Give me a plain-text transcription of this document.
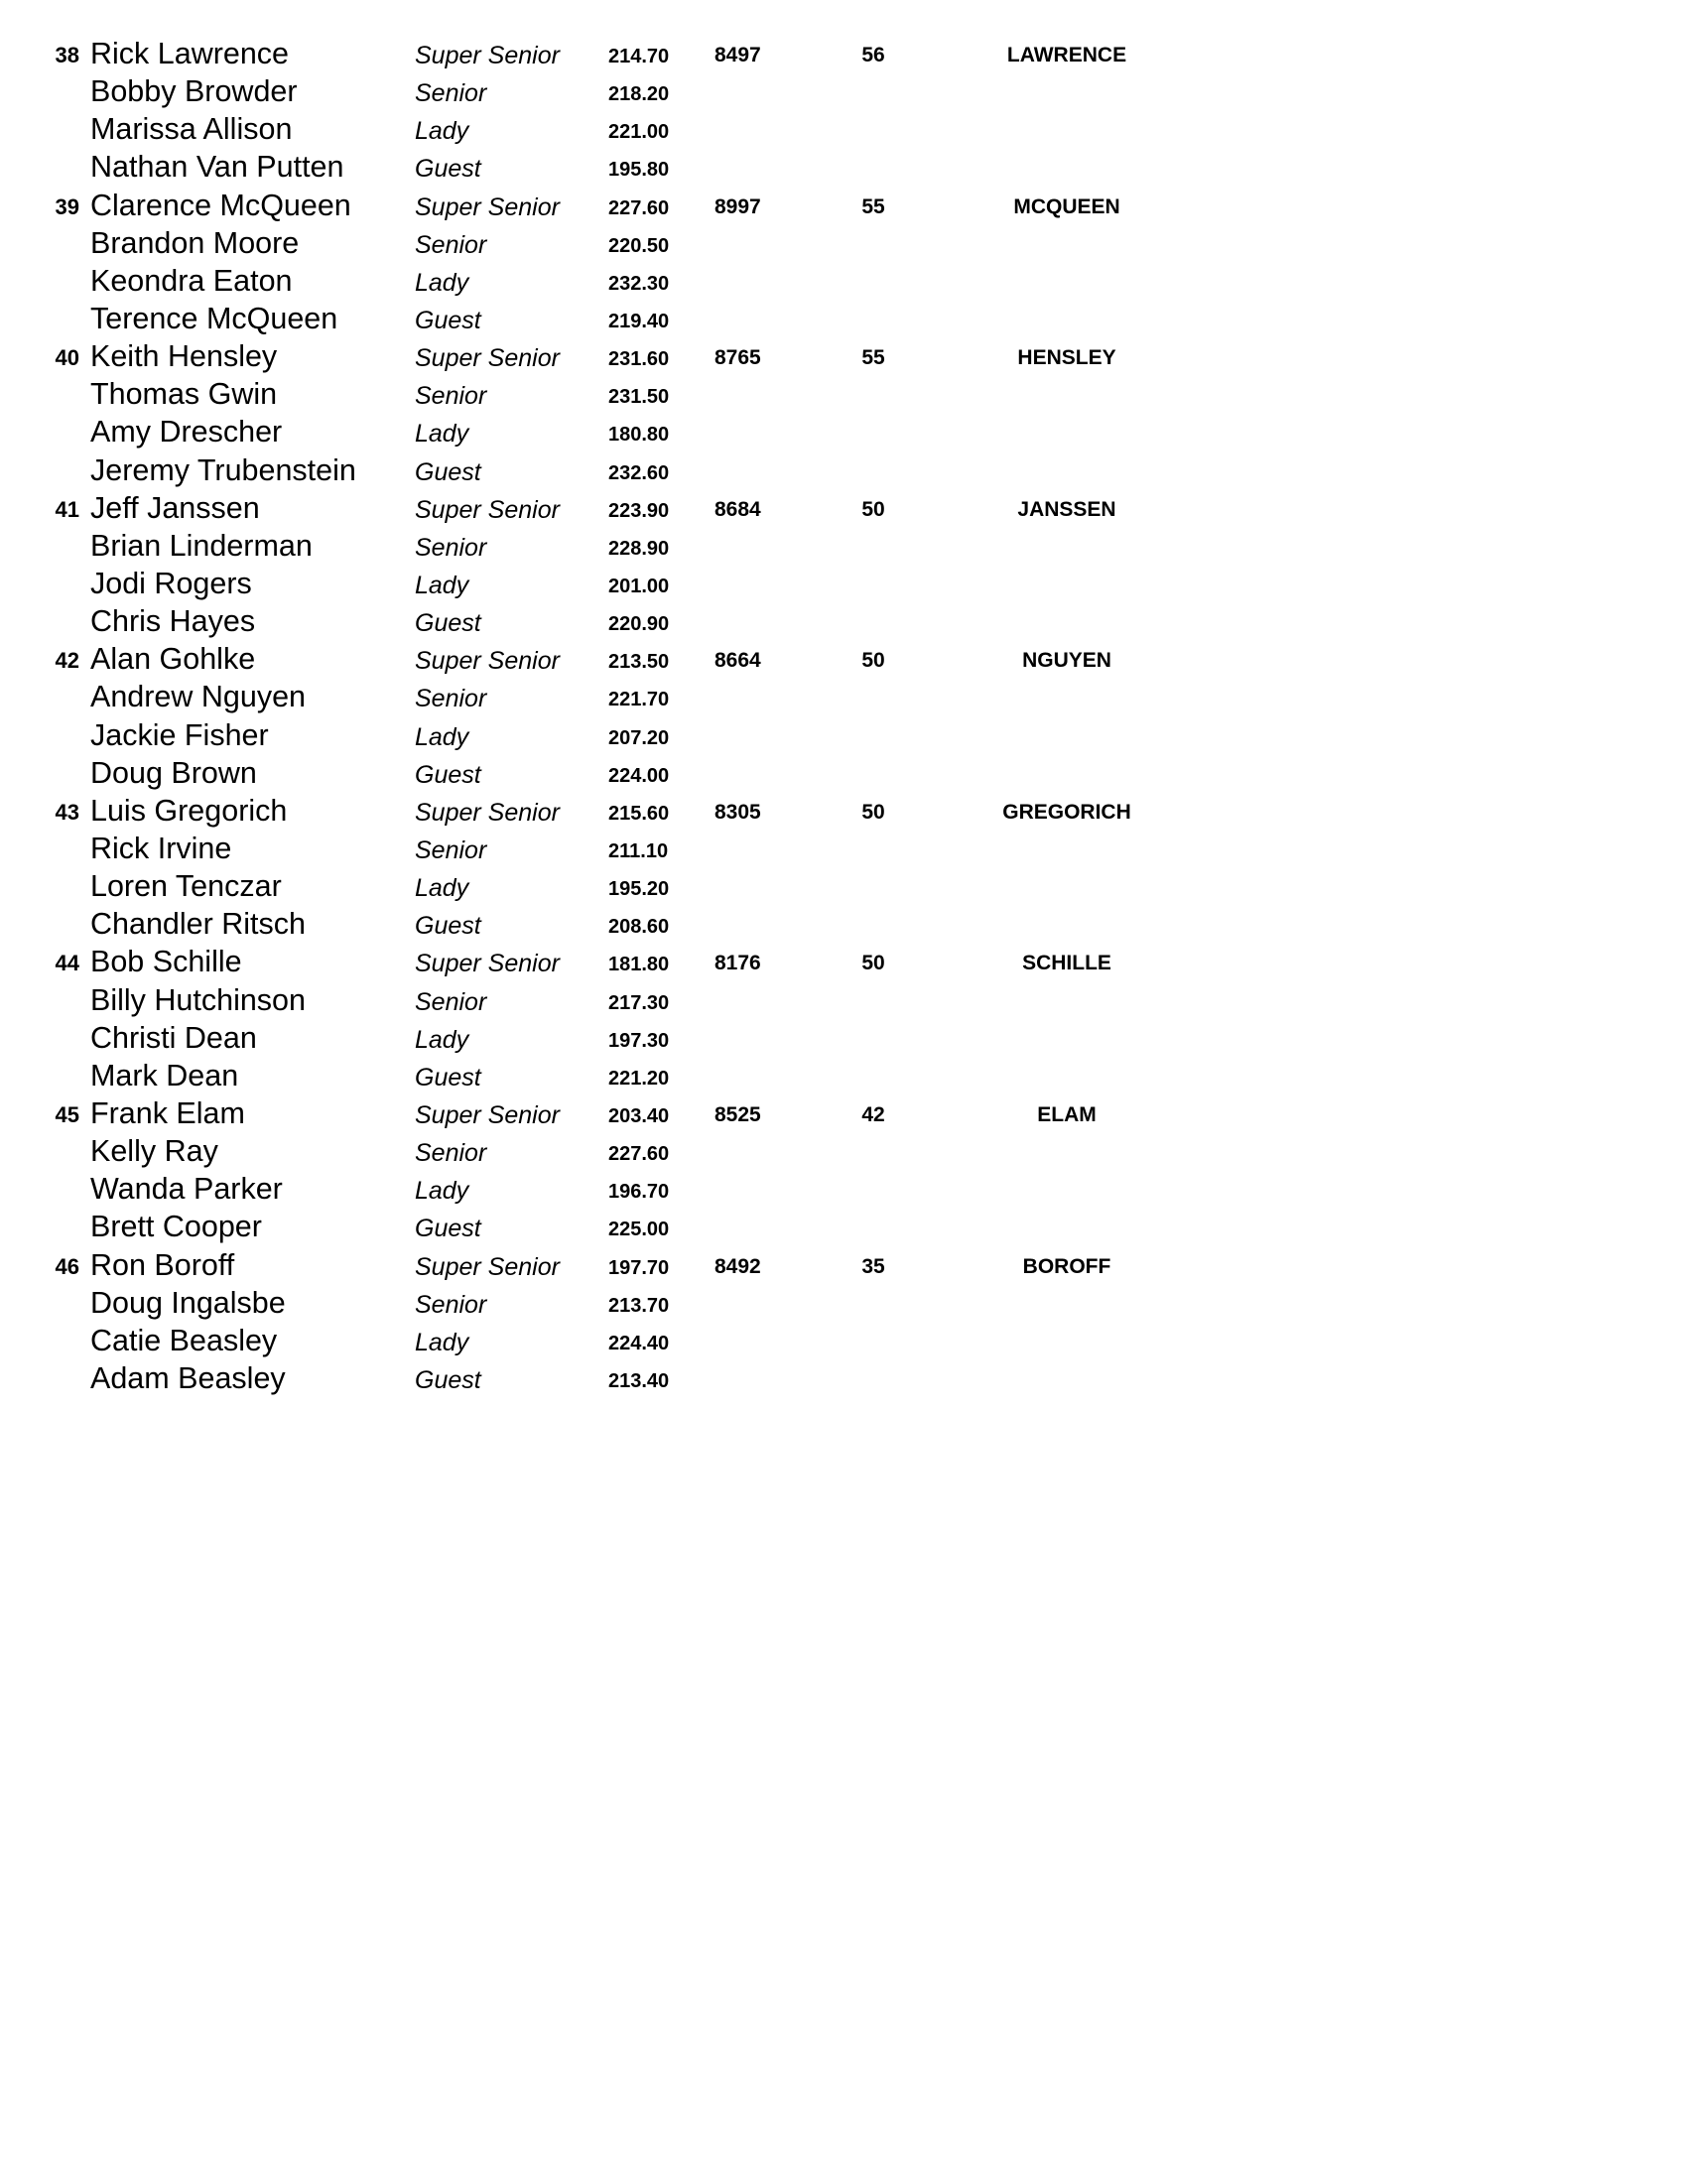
38 Rick Lawrence	Super Senior 214.70 8497	56	LAWRENCE
Bobby Browder	Senior	218.20
Marissa Allison	Lady	221.00
Nathan Van Putten	Guest	195.80
39 Clarence McQueen	Super Senior 227.60 8997	55	MCQUEEN
Brandon Moore	Senior	220.50
Keondra Eaton	Lady	232.30
Terence McQueen	Guest	219.40
40 Keith Hensley	Super Senior 231.60 8765	55	HENSLEY
Thomas Gwin	Senior	231.50
Amy Drescher	Lady	180.80
Jeremy Trubenstein Guest	232.60
41 Jeff Janssen	Super Senior 223.90 8684	50	JANSSEN
Brian Linderman	Senior	228.90
Jodi Rogers	Lady	201.00
Chris Hayes	Guest	220.90
42 Alan Gohlke	Super Senior 213.50 8664	50	NGUYEN
Andrew Nguyen	Senior	221.70
Jackie Fisher	Lady	207.20
Doug Brown	Guest	224.00
43 Luis Gregorich	Super Senior 215.60 8305	50	GREGORICH
Rick Irvine	Senior	211.10
Loren Tenczar	Lady	195.20
Chandler Ritsch	Guest	208.60
44 Bob Schille	Super Senior 181.80 8176	50	SCHILLE
Billy Hutchinson	Senior	217.30
Christi Dean	Lady	197.30
Mark Dean	Guest	221.20
45 Frank Elam	Super Senior 203.40 8525	42	ELAM
Kelly Ray	Senior	227.60
Wanda Parker	Lady	196.70
Brett Cooper	Guest	225.00
46 Ron Boroff	Super Senior 197.70 8492	35	BOROFF
Doug Ingalsbe	Senior	213.70
Catie Beasley	Lady	224.40
Adam Beasley	Guest	213.40
